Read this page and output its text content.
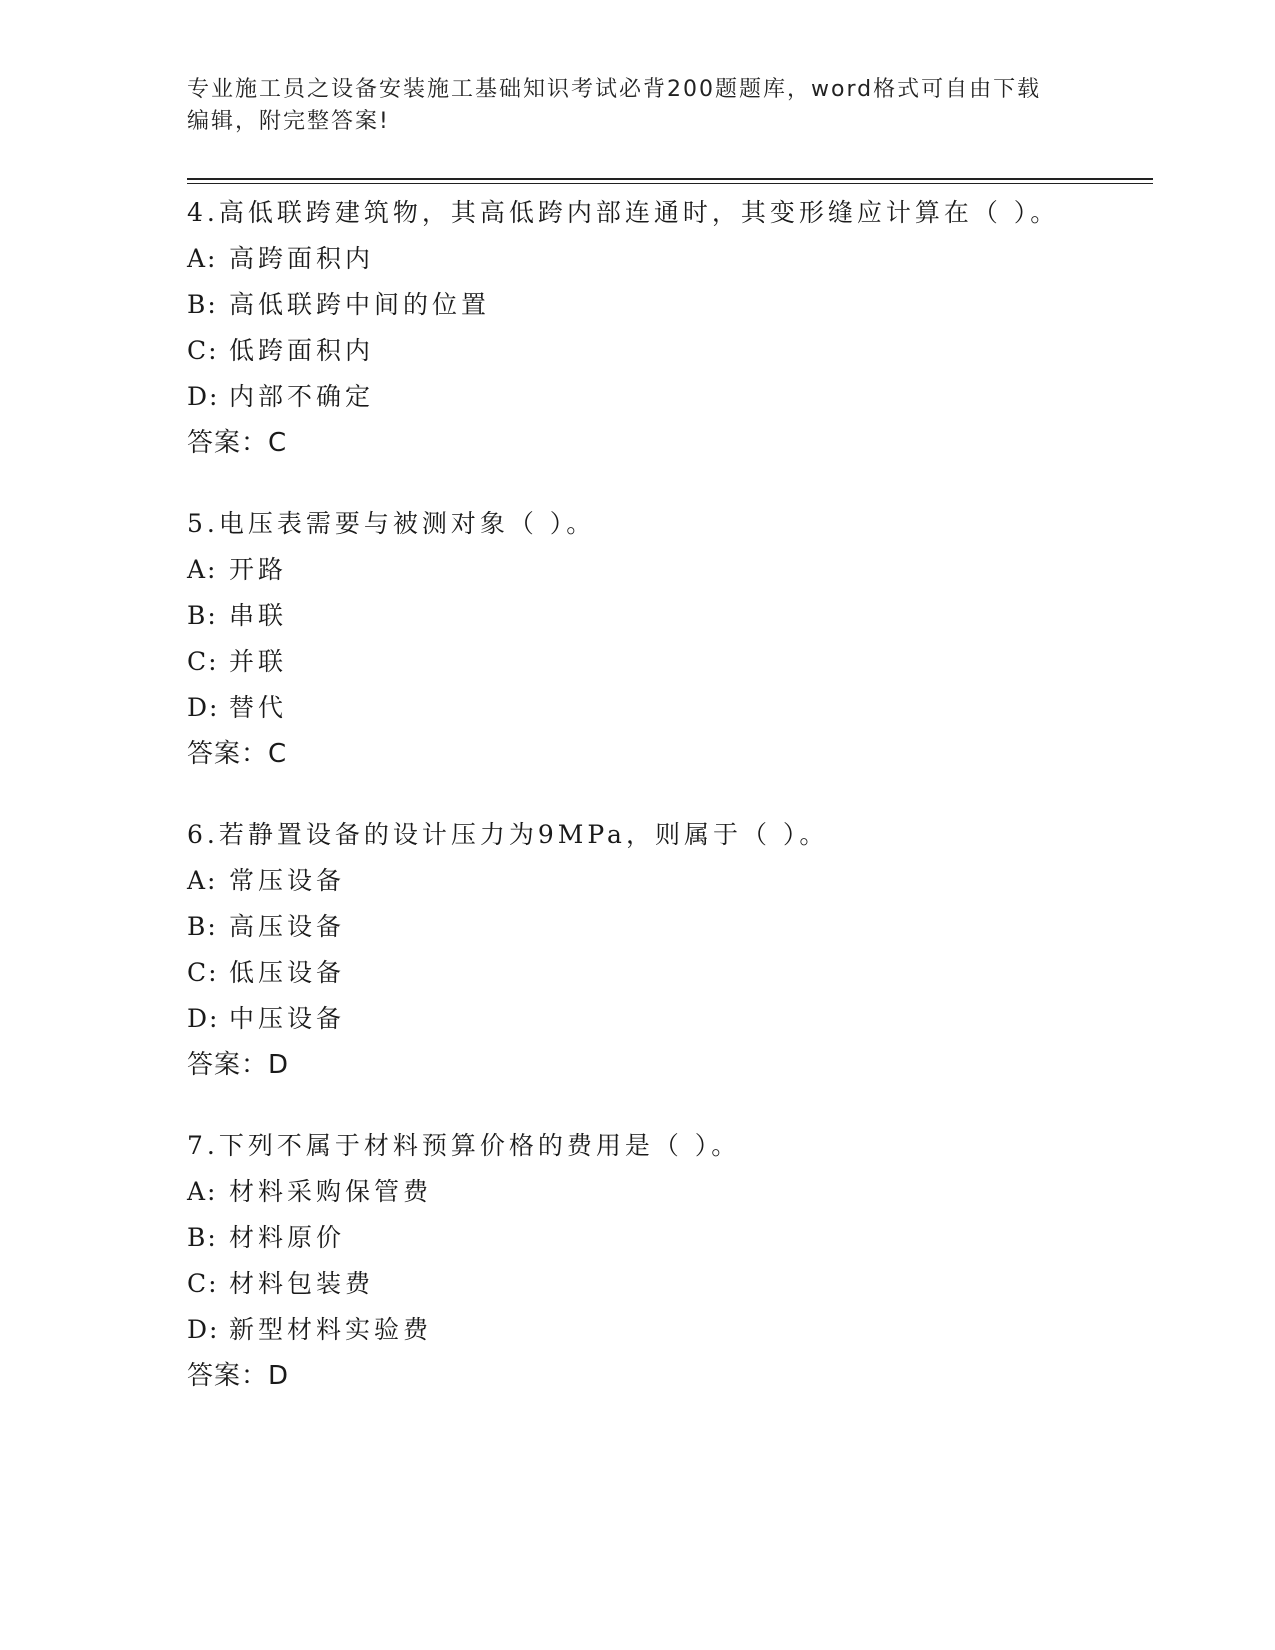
专业施工员之设备安装施工基础知识考试必背200题题库，word格式可自由下载
编辑，附完整答案!
4.高低联跨建筑物，其高低跨内部连通时，其变形缝应计算在（ ）。
A: 高跨面积内
B: 高低联跨中间的位置
C: 低跨面积内
D: 内部不确定
答案：C
5.电压表需要与被测对象（ ）。
A: 开路
B: 串联
C: 并联
D: 替代
答案：C
6.若静置设备的设计压力为9MPa，则属于（ ）。
A: 常压设备
B: 高压设备
C: 低压设备
D: 中压设备
答案：D
7.下列不属于材料预算价格的费用是（ ）。
A: 材料采购保管费
B: 材料原价
C: 材料包装费
D: 新型材料实验费
答案：D
